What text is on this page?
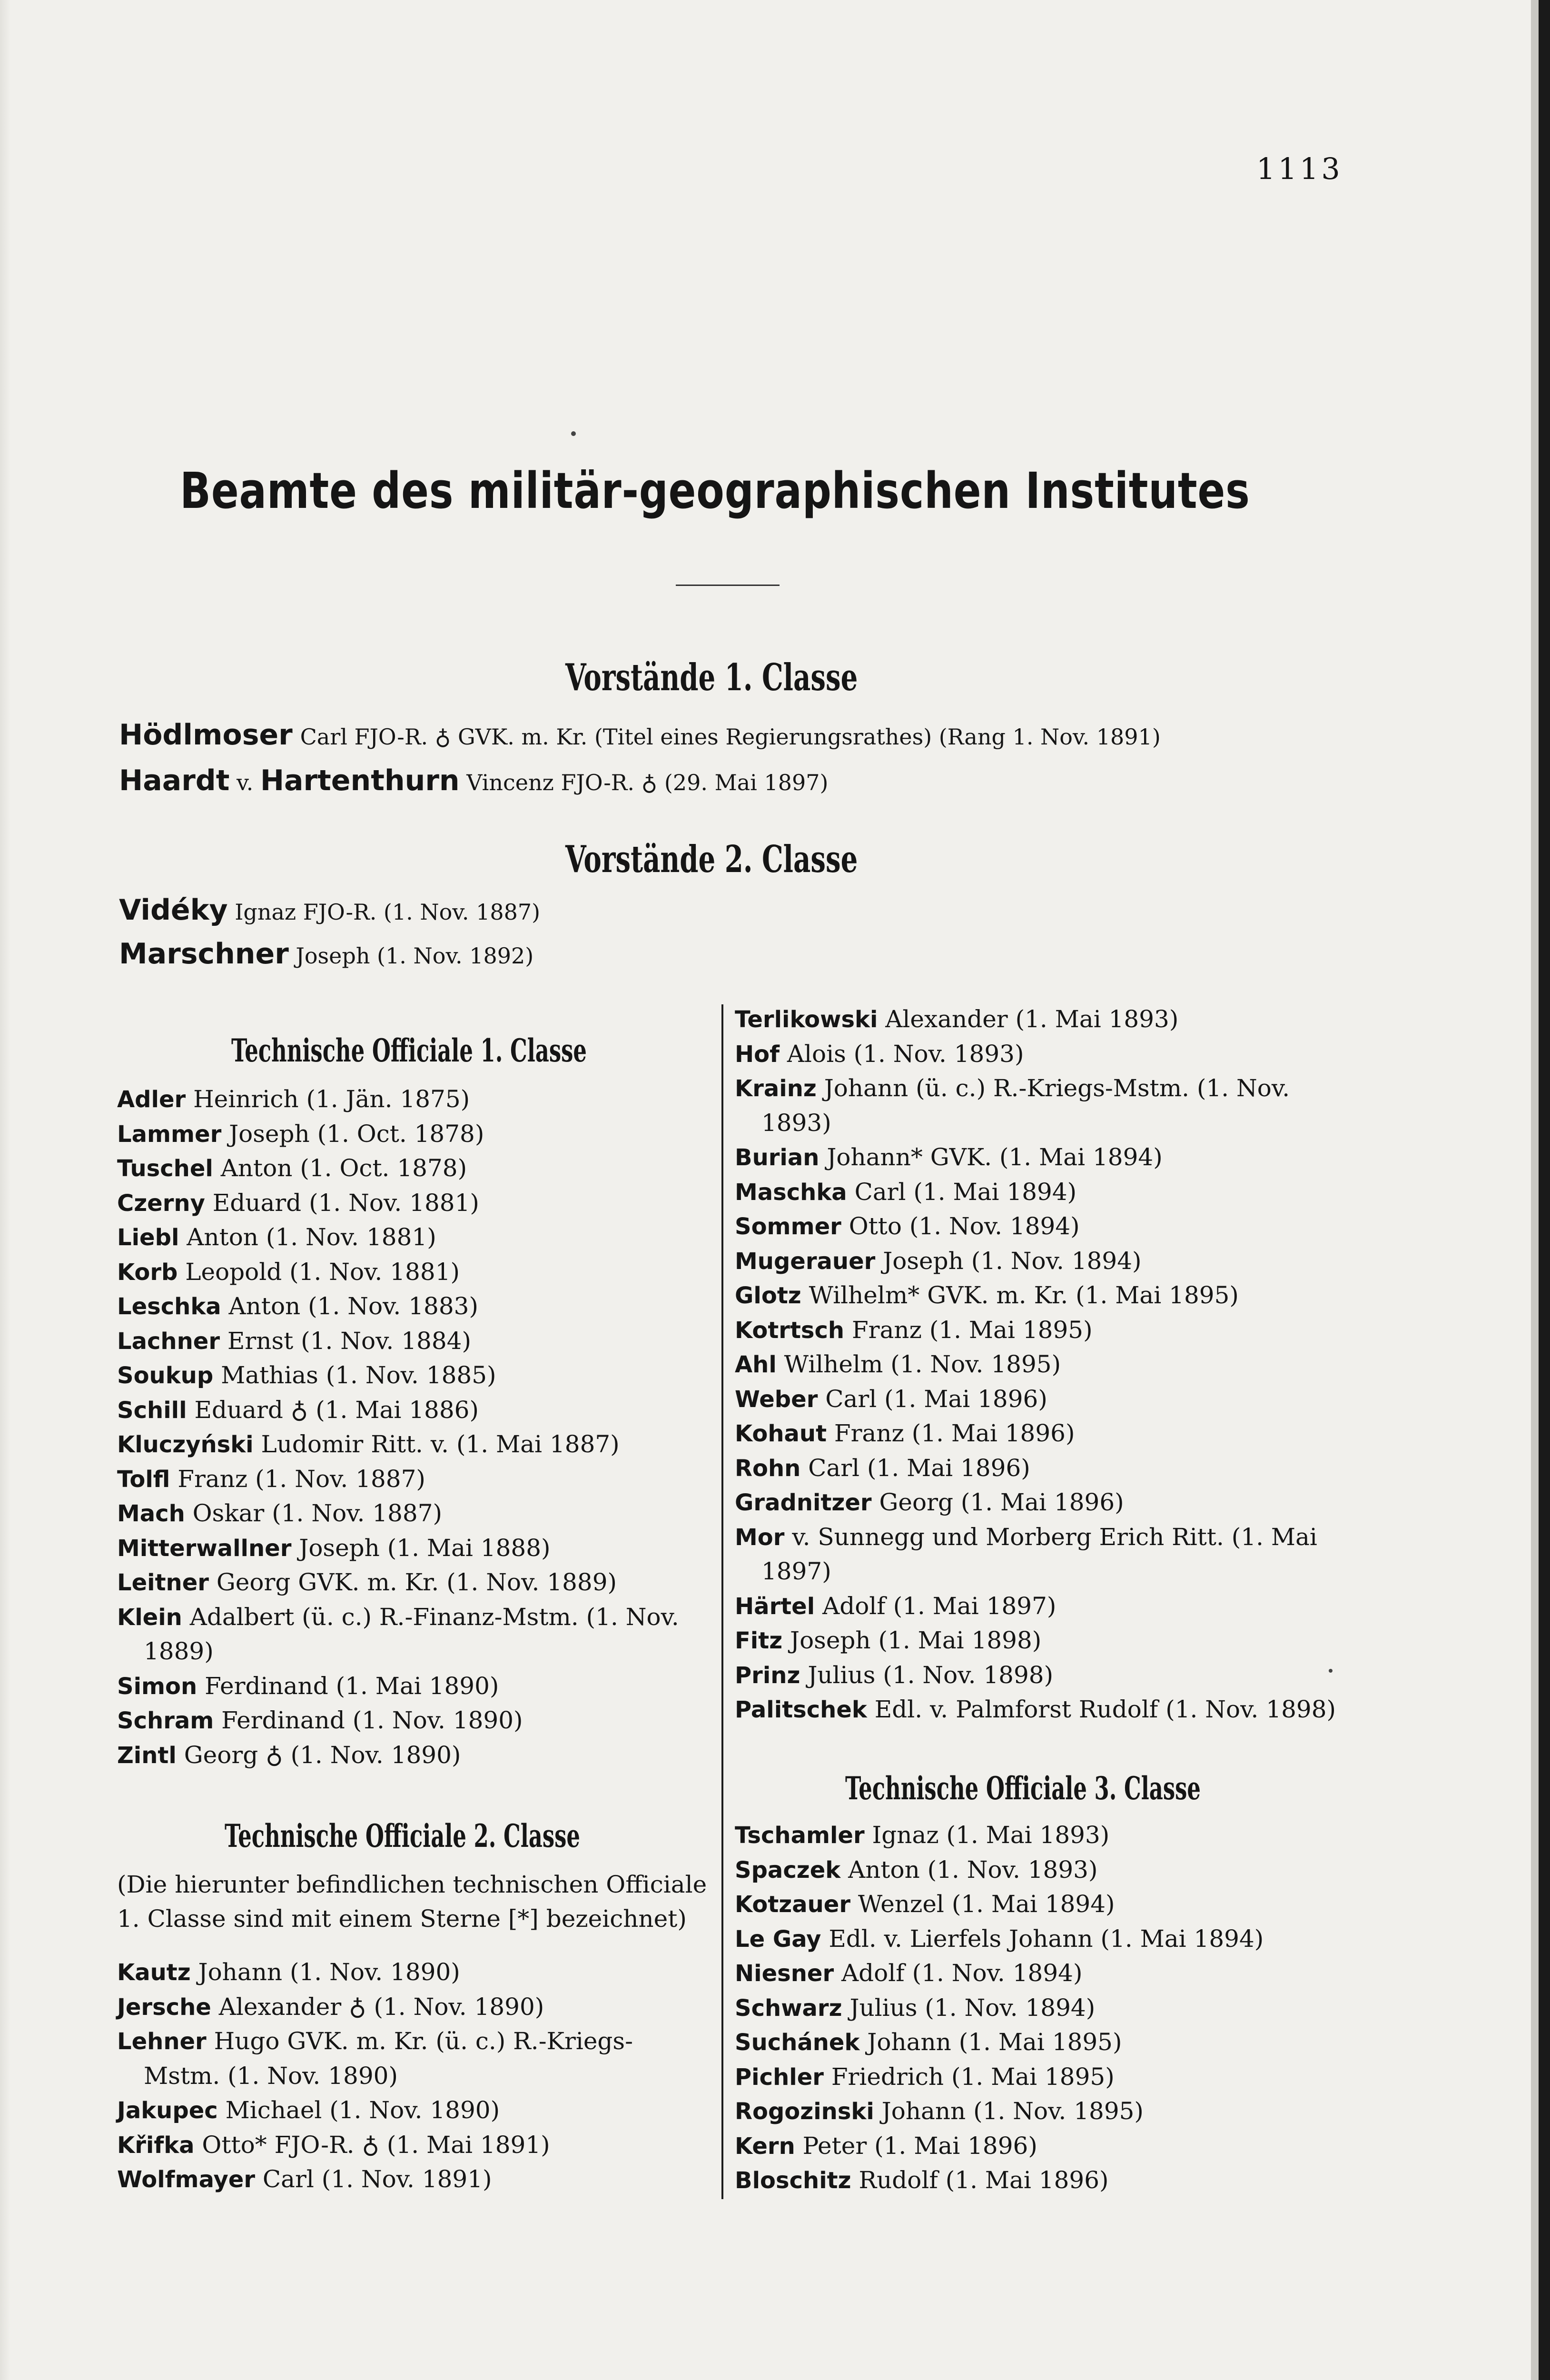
1113
Beamte des militär-geographischen Institutes
Vorstände 1. Classe
Hödlmoser Carl FJO-R. ♁ GVK. m. Kr. (Titel eines Regierungsrathes) (Rang 1. Nov. 1891)
Haardt v. Hartenthurn Vincenz FJO-R. ♁ (29. Mai 1897)
Vorstände 2. Classe
Vidéky Ignaz FJO-R. (1. Nov. 1887)
Marschner Joseph (1. Nov. 1892)
Technische Officiale 1. Classe
Adler Heinrich (1. Jän. 1875)
Lammer Joseph (1. Oct. 1878)
Tuschel Anton (1. Oct. 1878)
Czerny Eduard (1. Nov. 1881)
Liebl Anton (1. Nov. 1881)
Korb Leopold (1. Nov. 1881)
Leschka Anton (1. Nov. 1883)
Lachner Ernst (1. Nov. 1884)
Soukup Mathias (1. Nov. 1885)
Schill Eduard ♁ (1. Mai 1886)
Kluczyński Ludomir Ritt. v. (1. Mai 1887)
Tolfl Franz (1. Nov. 1887)
Mach Oskar (1. Nov. 1887)
Mitterwallner Joseph (1. Mai 1888)
Leitner Georg GVK. m. Kr. (1. Nov. 1889)
Klein Adalbert (ü. c.) R.-Finanz-Mstm. (1. Nov.
1889)
Simon Ferdinand (1. Mai 1890)
Schram Ferdinand (1. Nov. 1890)
Zintl Georg ♁ (1. Nov. 1890)
Technische Officiale 2. Classe
(Die hierunter befindlichen technischen Officiale
1. Classe sind mit einem Sterne [*] bezeichnet)
Kautz Johann (1. Nov. 1890)
Jersche Alexander ♁ (1. Nov. 1890)
Lehner Hugo GVK. m. Kr. (ü. c.) R.-Kriegs-
Mstm. (1. Nov. 1890)
Jakupec Michael (1. Nov. 1890)
Křifka Otto* FJO-R. ♁ (1. Mai 1891)
Wolfmayer Carl (1. Nov. 1891)
Terlikowski Alexander (1. Mai 1893)
Hof Alois (1. Nov. 1893)
Krainz Johann (ü. c.) R.-Kriegs-Mstm. (1. Nov.
1893)
Burian Johann* GVK. (1. Mai 1894)
Maschka Carl (1. Mai 1894)
Sommer Otto (1. Nov. 1894)
Mugerauer Joseph (1. Nov. 1894)
Glotz Wilhelm* GVK. m. Kr. (1. Mai 1895)
Kotrtsch Franz (1. Mai 1895)
Ahl Wilhelm (1. Nov. 1895)
Weber Carl (1. Mai 1896)
Kohaut Franz (1. Mai 1896)
Rohn Carl (1. Mai 1896)
Gradnitzer Georg (1. Mai 1896)
Mor v. Sunnegg und Morberg Erich Ritt. (1. Mai
1897)
Härtel Adolf (1. Mai 1897)
Fitz Joseph (1. Mai 1898)
Prinz Julius (1. Nov. 1898)
Palitschek Edl. v. Palmforst Rudolf (1. Nov. 1898)
Technische Officiale 3. Classe
Tschamler Ignaz (1. Mai 1893)
Spaczek Anton (1. Nov. 1893)
Kotzauer Wenzel (1. Mai 1894)
Le Gay Edl. v. Lierfels Johann (1. Mai 1894)
Niesner Adolf (1. Nov. 1894)
Schwarz Julius (1. Nov. 1894)
Suchánek Johann (1. Mai 1895)
Pichler Friedrich (1. Mai 1895)
Rogozinski Johann (1. Nov. 1895)
Kern Peter (1. Mai 1896)
Bloschitz Rudolf (1. Mai 1896)
